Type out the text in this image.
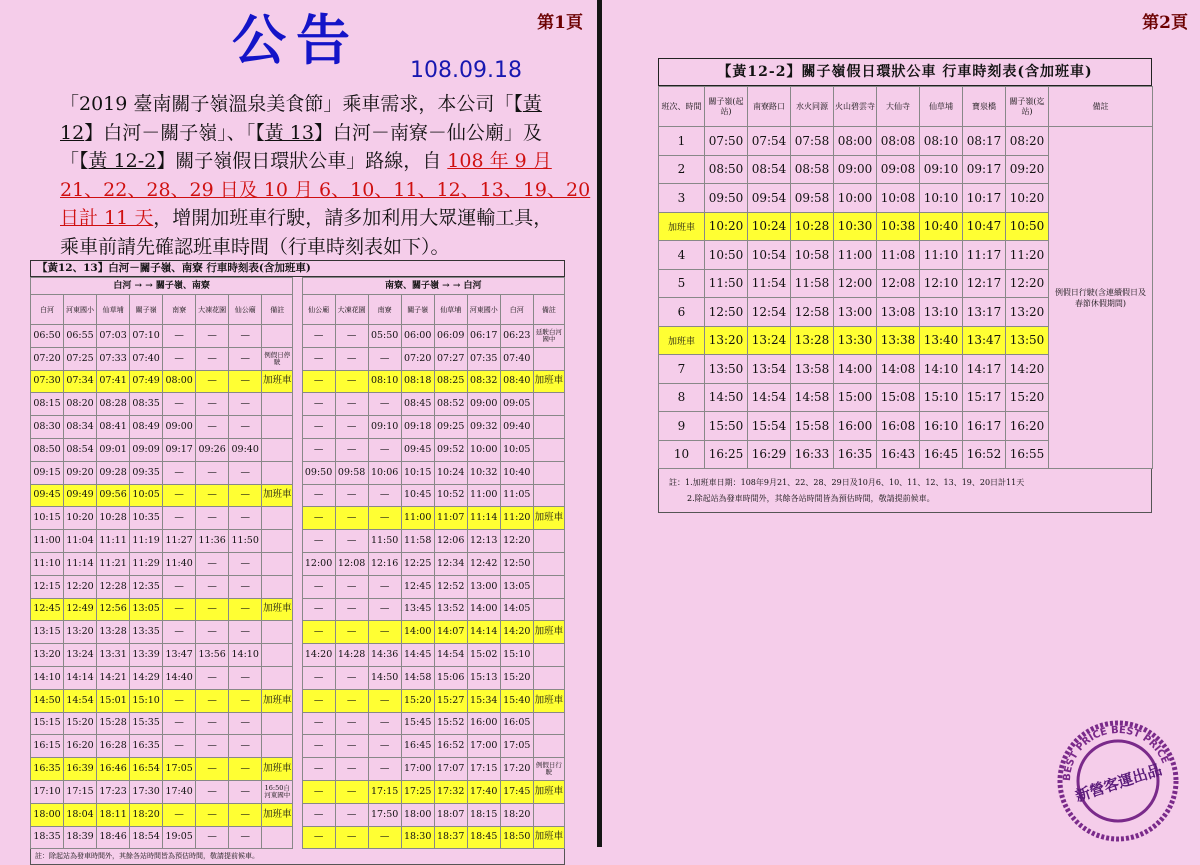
第1頁
公告 108.09.18
「2019 臺南關子嶺溫泉美食節」乘車需求，本公司「【黃
12】白河－關子嶺」、「【黃 13】白河－南寮－仙公廟」及
「【黃 12-2】關子嶺假日環狀公車」路線，自 108 年 9 月
21、22、28、29 日及 10 月 6、10、11、12、13、19、20
日計 11 天，增開加班車行駛，請多加利用大眾運輸工具，
乘車前請先確認班車時間（行車時刻表如下）。
【黃12、13】白河－關子嶺、南寮 行車時刻表(含加班車)
白河 → → 關子嶺、南寮									南寮、關子嶺 → → 白河							
白河	河東國小	仙草埔	關子嶺	南寮	大凍花園	仙公廟	備註		仙公廟	大凍花園	南寮	關子嶺	仙草埔	河東國小	白河	備註
06:50	06:55	07:03	07:10	—	—	—			—	—	05:50	06:00	06:09	06:17	06:23	延駛白河國中
07:20	07:25	07:33	07:40	—	—	—	例假日停駛		—	—	—	07:20	07:27	07:35	07:40	
07:30	07:34	07:41	07:49	08:00	—	—	加班車		—	—	08:10	08:18	08:25	08:32	08:40	加班車
08:15	08:20	08:28	08:35	—	—	—			—	—	—	08:45	08:52	09:00	09:05	
08:30	08:34	08:41	08:49	09:00	—	—			—	—	09:10	09:18	09:25	09:32	09:40	
08:50	08:54	09:01	09:09	09:17	09:26	09:40			—	—	—	09:45	09:52	10:00	10:05	
09:15	09:20	09:28	09:35	—	—	—			09:50	09:58	10:06	10:15	10:24	10:32	10:40	
09:45	09:49	09:56	10:05	—	—	—	加班車		—	—	—	10:45	10:52	11:00	11:05	
10:15	10:20	10:28	10:35	—	—	—			—	—	—	11:00	11:07	11:14	11:20	加班車
11:00	11:04	11:11	11:19	11:27	11:36	11:50			—	—	11:50	11:58	12:06	12:13	12:20	
11:10	11:14	11:21	11:29	11:40	—	—			12:00	12:08	12:16	12:25	12:34	12:42	12:50	
12:15	12:20	12:28	12:35	—	—	—			—	—	—	12:45	12:52	13:00	13:05	
12:45	12:49	12:56	13:05	—	—	—	加班車		—	—	—	13:45	13:52	14:00	14:05	
13:15	13:20	13:28	13:35	—	—	—			—	—	—	14:00	14:07	14:14	14:20	加班車
13:20	13:24	13:31	13:39	13:47	13:56	14:10			14:20	14:28	14:36	14:45	14:54	15:02	15:10	
14:10	14:14	14:21	14:29	14:40	—	—			—	—	14:50	14:58	15:06	15:13	15:20	
14:50	14:54	15:01	15:10	—	—	—	加班車		—	—	—	15:20	15:27	15:34	15:40	加班車
15:15	15:20	15:28	15:35	—	—	—			—	—	—	15:45	15:52	16:00	16:05	
16:15	16:20	16:28	16:35	—	—	—			—	—	—	16:45	16:52	17:00	17:05	
16:35	16:39	16:46	16:54	17:05	—	—	加班車		—	—	—	17:00	17:07	17:15	17:20	例假日行駛
17:10	17:15	17:23	17:30	17:40	—	—	16:50自河東國中		—	—	17:15	17:25	17:32	17:40	17:45	加班車
18:00	18:04	18:11	18:20	—	—	—	加班車		—	—	17:50	18:00	18:07	18:15	18:20	
18:35	18:39	18:46	18:54	19:05	—	—			—	—	—	18:30	18:37	18:45	18:50	加班車
註：除起站為發車時間外，其餘各站時間皆為預估時間，敬請提前候車。
第2頁
【黃12-2】關子嶺假日環狀公車 行車時刻表(含加班車)
班次、時間	關子嶺(起站)	南寮路口	水火同源	火山碧雲寺	大仙寺	仙草埔	寶泉橋	關子嶺(迄站)	備註
1	07:50	07:54	07:58	08:00	08:08	08:10	08:17	08:20	例假日行駛(含連續假日及春節休假期間)
2	08:50	08:54	08:58	09:00	09:08	09:10	09:17	09:20	
3	09:50	09:54	09:58	10:00	10:08	10:10	10:17	10:20	
加班車	10:20	10:24	10:28	10:30	10:38	10:40	10:47	10:50	
4	10:50	10:54	10:58	11:00	11:08	11:10	11:17	11:20	
5	11:50	11:54	11:58	12:00	12:08	12:10	12:17	12:20	
6	12:50	12:54	12:58	13:00	13:08	13:10	13:17	13:20	
加班車	13:20	13:24	13:28	13:30	13:38	13:40	13:47	13:50	
7	13:50	13:54	13:58	14:00	14:08	14:10	14:17	14:20	
8	14:50	14:54	14:58	15:00	15:08	15:10	15:17	15:20	
9	15:50	15:54	15:58	16:00	16:08	16:10	16:17	16:20	
10	16:25	16:29	16:33	16:35	16:43	16:45	16:52	16:55	
註：1.加班車日期：108年9月21、22、28、29日及10月6、10、11、12、13、19、20日計11天
2.除起站為發車時間外，其餘各站時間皆為預估時間，敬請提前候車。
BEST PRICE BEST PRICE
新營客運出品
